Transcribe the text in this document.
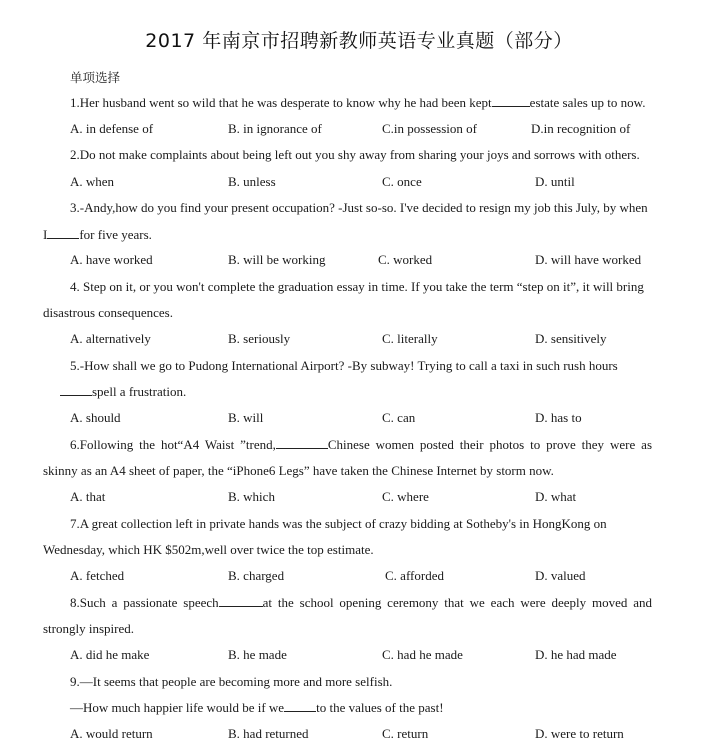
2017 年南京市招聘新教师英语专业真题（部分）
单项选择
1.Her husband went so wild that he was desperate to know why he had been kept	estate sales up to now.
A. in defense of	B. in ignorance of	C.in possession of	D.in recognition of
2.Do not make complaints about being left out you shy away from sharing your joys and sorrows with others.
A. when	B. unless	C. once	D. until
3.-Andy,how do you find your present occupation? -Just so-so. I've decided to resign my job this July, by when
I for five years.
A. have worked	B. will be working	C. worked	D. will have worked
4. Step on it, or you won't complete the graduation essay in time. If you take the term “step on it”, it will bring
disastrous consequences.
A. alternatively	B. seriously	C. literally	D. sensitively
5.-How shall we go to Pudong International Airport? -By subway! Trying to call a taxi in such rush hours
spell a frustration.
A. should	B. will	C. can	D. has to
6.Following the hot“A4 Waist ”trend,	Chinese women posted their photos to prove they were as
skinny as an A4 sheet of paper, the “iPhone6 Legs” have taken the Chinese Internet by storm now.
A. that	B. which	C. where	D. what
7.A great collection left in private hands was the subject of crazy bidding at Sotheby's in HongKong on
Wednesday, which HK $502m,well over twice the top estimate.
A. fetched	B. charged	C. afforded	D. valued
8.Such a passionate speech	at the school opening ceremony that we each were deeply moved and
strongly inspired.
A. did he make	B. he made	C. had he made	D. he had made
9.—It seems that people are becoming more and more selfish.
—How much happier life would be if we to the values of the past!
A. would return	B. had returned	C. return	D. were to return
